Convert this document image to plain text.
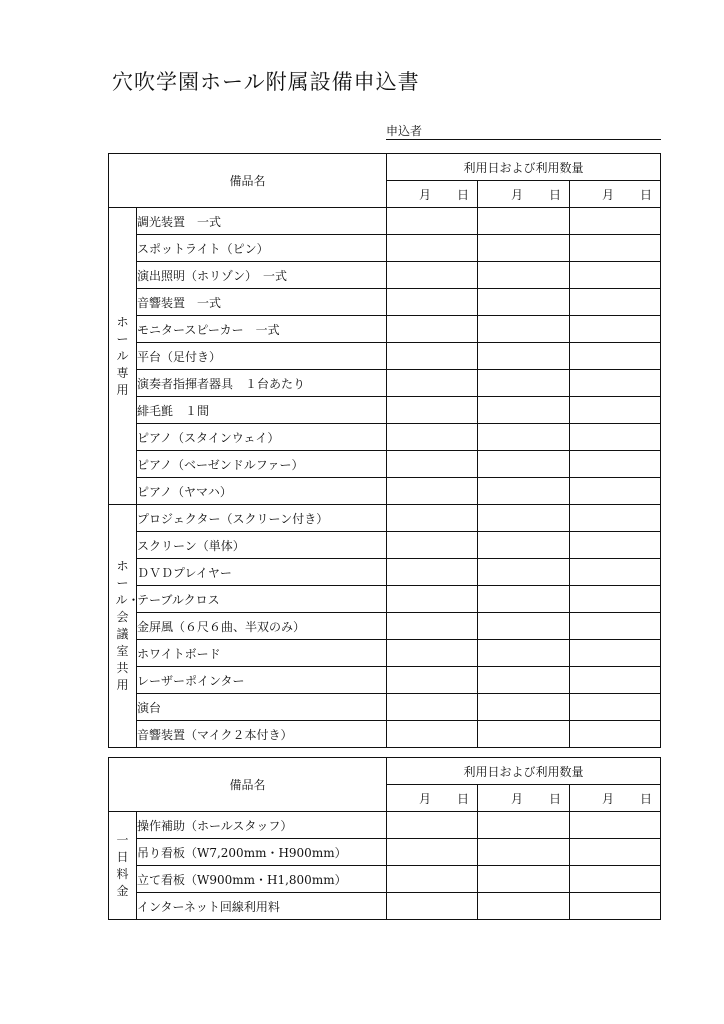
穴吹学園ホール附属設備申込書
申込者
備品名		利用日および利用数量		

		月 日	月 日	月 日

ホール専用	調光装置　一式			
	スポットライト（ピン）			
	演出照明（ホリゾン）　一式			
	音響装置　一式			
	モニタースピーカー　一式			
	平台（足付き）			
	演奏者指揮者器具　１台あたり			
	緋毛氈　１間			
	ピアノ（スタインウェイ）			
	ピアノ（ベーゼンドルファー）			
	ピアノ（ヤマハ）			
ホール・会議室共用	プロジェクター（スクリーン付き）			
	スクリーン（単体）			
	ＤＶＤプレイヤー			
	テーブルクロス			
	金屏風（６尺６曲、半双のみ）			
	ホワイトボード			
	レーザーポインター			
	演台			
	音響装置（マイク２本付き）			
備品名		利用日および利用数量		

		月 日	月 日	月 日

一日料金	操作補助（ホールスタッフ）			
	吊り看板（W7,200mm・H900mm）			
	立て看板（W900mm・H1,800mm）			
	インターネット回線利用料			
